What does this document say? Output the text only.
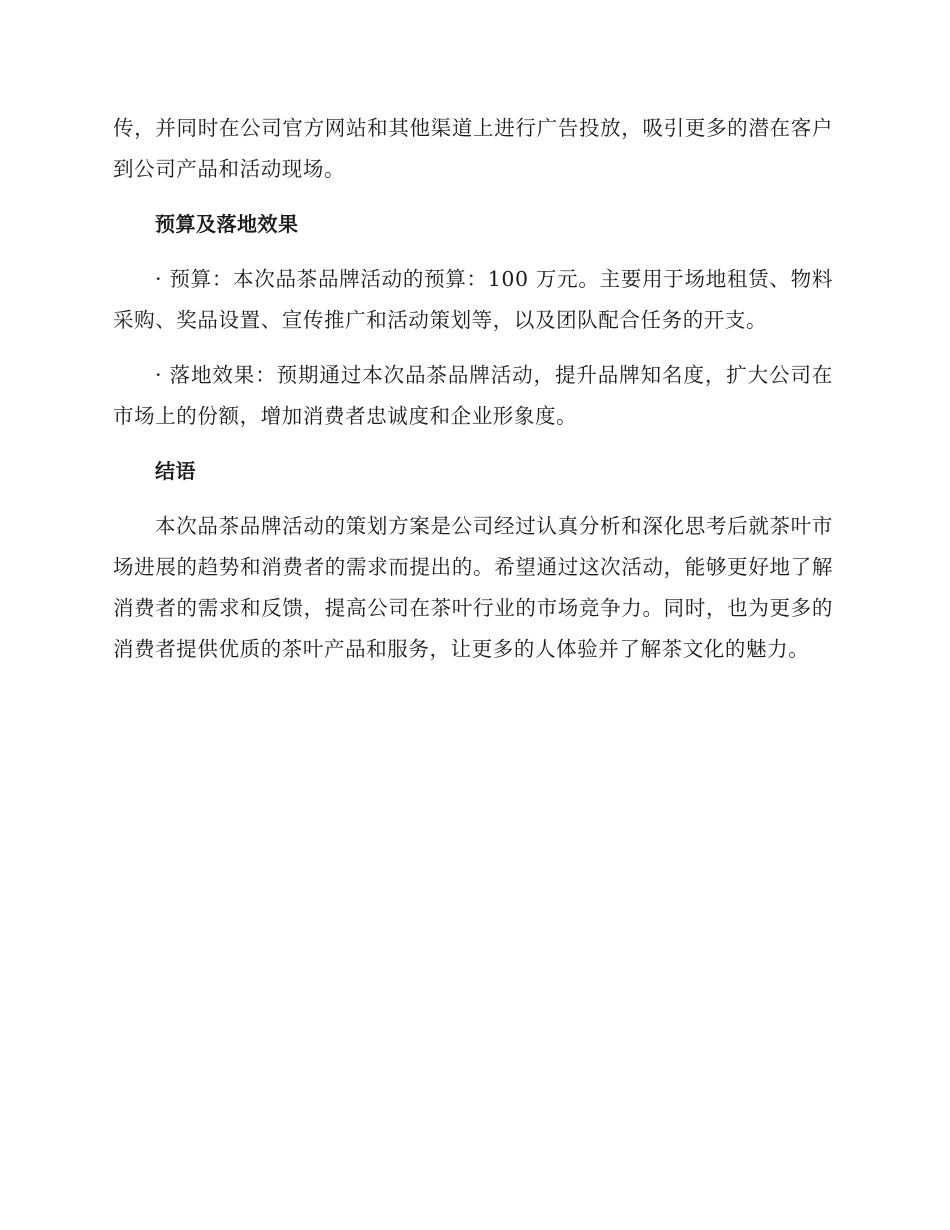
传，并同时在公司官方网站和其他渠道上进行广告投放，吸引更多的潜在客户到公司产品和活动现场。

预算及落地效果

· 预算：本次品茶品牌活动的预算：100 万元。主要用于场地租赁、物料采购、奖品设置、宣传推广和活动策划等，以及团队配合任务的开支。

· 落地效果：预期通过本次品茶品牌活动，提升品牌知名度，扩大公司在市场上的份额，增加消费者忠诚度和企业形象度。

结语

本次品茶品牌活动的策划方案是公司经过认真分析和深化思考后就茶叶市场进展的趋势和消费者的需求而提出的。希望通过这次活动，能够更好地了解消费者的需求和反馈，提高公司在茶叶行业的市场竞争力。同时，也为更多的消费者提供优质的茶叶产品和服务，让更多的人体验并了解茶文化的魅力。
